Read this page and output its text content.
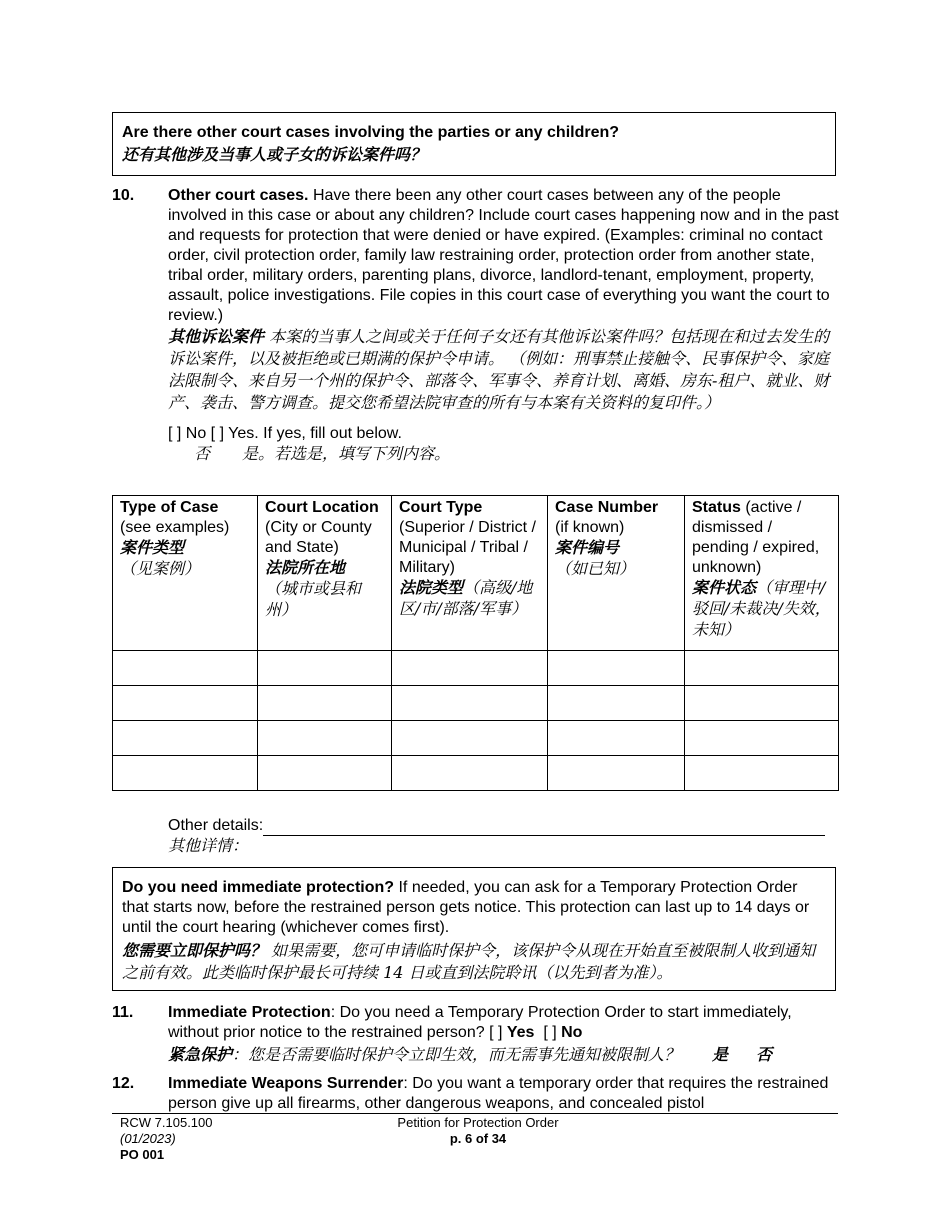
Are there other court cases involving the parties or any children?
还有其他涉及当事人或子女的诉讼案件吗？
10. Other court cases. Have there been any other court cases between any of the people involved in this case or about any children? Include court cases happening now and in the past and requests for protection that were denied or have expired. (Examples: criminal no contact order, civil protection order, family law restraining order, protection order from another state, tribal order, military orders, parenting plans, divorce, landlord-tenant, employment, property, assault, police investigations. File copies in this court case of everything you want the court to review.)
其他诉讼案件 本案的当事人之间或关于任何子女还有其他诉讼案件吗？包括现在和过去发生的诉讼案件，以及被拒绝或已期满的保护令申请。 （例如：刑事禁止接触令、民事保护令、家庭法限制令、来自另一个州的保护令、部落令、军事令、养育计划、离婚、房东-租户、就业、财产、袭击、警方调查。提交您希望法院审查的所有与本案有关资料的复印件。）
[ ] No [ ] Yes. If yes, fill out below.
否　　是。若选是，填写下列内容。
Type of Case
(see examples)
案件类型
（见案例）	Court Location
(City or County and State)
法院所在地
（城市或县和州）	Court Type
(Superior / District / Municipal / Tribal / Military)
法院类型（高级/地区/市/部落/军事）	Case Number
(if known)
案件编号
（如已知）	Status (active / dismissed / pending / expired, unknown)
案件状态（审理中/驳回/未裁决/失效，未知）

Other details:
其他详情：
Do you need immediate protection? If needed, you can ask for a Temporary Protection Order that starts now, before the restrained person gets notice. This protection can last up to 14 days or until the court hearing (whichever comes first).
您需要立即保护吗？ 如果需要，您可申请临时保护令，该保护令从现在开始直至被限制人收到通知之前有效。此类临时保护最长可持续 14 日或直到法院聆讯（以先到者为准）。
11. Immediate Protection: Do you need a Temporary Protection Order to start immediately, without prior notice to the restrained person? [ ] Yes  [ ] No
紧急保护：您是否需要临时保护令立即生效，而无需事先通知被限制人？ 是 否
12. Immediate Weapons Surrender: Do you want a temporary order that requires the restrained person give up all firearms, other dangerous weapons, and concealed pistol
RCW 7.105.100
(01/2023)
PO 001
Petition for Protection Order
p. 6 of 34
